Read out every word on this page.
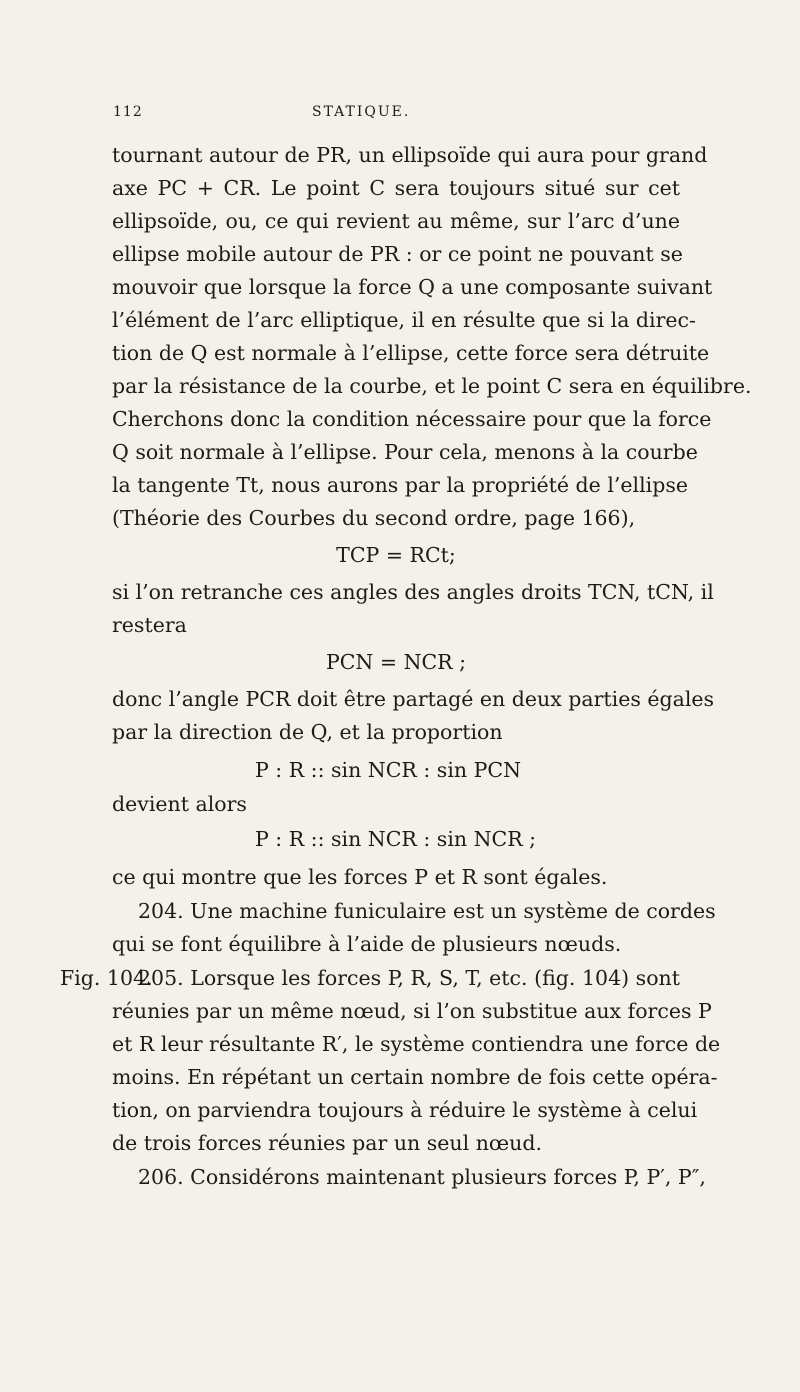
112	STATIQUE.
tournant autour de PR, un ellipsoïde qui aura pour grand
axe PC + CR. Le point C sera toujours situé sur cet
ellipsoïde, ou, ce qui revient au même, sur l’arc d’une
ellipse mobile autour de PR : or ce point ne pouvant se
mouvoir que lorsque la force Q a une composante suivant
l’élément de l’arc elliptique, il en résulte que si la direc-
tion de Q est normale à l’ellipse, cette force sera détruite
par la résistance de la courbe, et le point C sera en équilibre.
Cherchons donc la condition nécessaire pour que la force
Q soit normale à l’ellipse. Pour cela, menons à la courbe
la tangente Tt, nous aurons par la propriété de l’ellipse
(Théorie des Courbes du second ordre, page 166),
TCP = RCt;
si l’on retranche ces angles des angles droits TCN, tCN, il
restera
PCN = NCR ;
donc l’angle PCR doit être partagé en deux parties égales
par la direction de Q, et la proportion
P : R :: sin NCR : sin PCN
devient alors
P : R :: sin NCR : sin NCR ;
ce qui montre que les forces P et R sont égales.
204. Une machine funiculaire est un système de cordes
qui se font équilibre à l’aide de plusieurs nœuds.
Fig. 104.
205. Lorsque les forces P, R, S, T, etc. (fig. 104) sont
réunies par un même nœud, si l’on substitue aux forces P
et R leur résultante R′, le système contiendra une force de
moins. En répétant un certain nombre de fois cette opéra-
tion, on parviendra toujours à réduire le système à celui
de trois forces réunies par un seul nœud.
206. Considérons maintenant plusieurs forces P, P′, P″,
